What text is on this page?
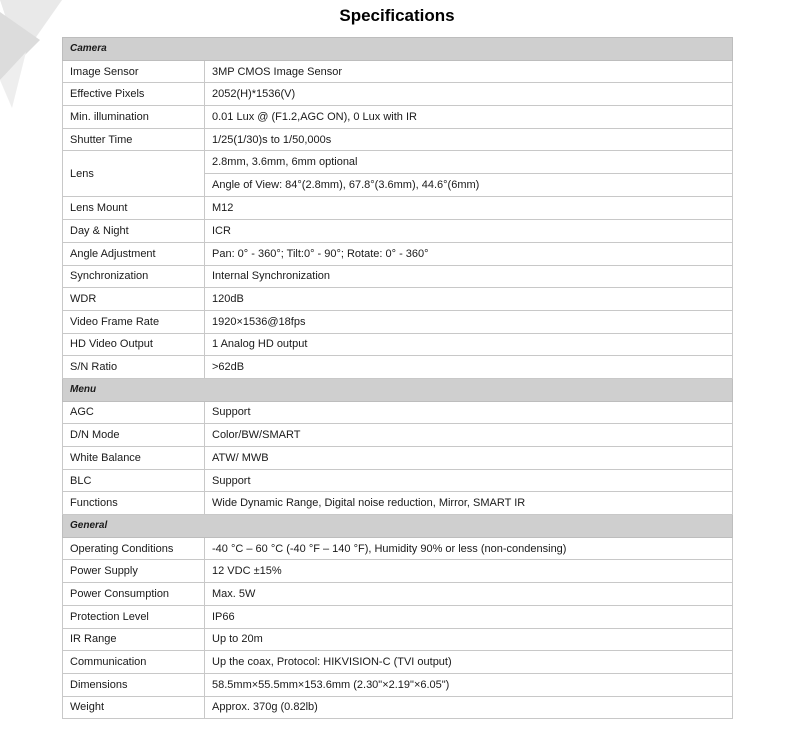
Specifications
Camera	
Image Sensor	3MP CMOS Image Sensor
Effective Pixels	2052(H)*1536(V)
Min. illumination	0.01 Lux @ (F1.2,AGC ON), 0 Lux with IR
Shutter Time	1/25(1/30)s to 1/50,000s
Lens	2.8mm, 3.6mm, 6mm optional
	Angle of View: 84°(2.8mm), 67.8°(3.6mm), 44.6°(6mm)
Lens Mount	M12
Day & Night	ICR
Angle Adjustment	Pan: 0° - 360°; Tilt:0° - 90°; Rotate: 0° - 360°
Synchronization	Internal Synchronization
WDR	120dB
Video Frame Rate	1920×1536@18fps
HD Video Output	1 Analog HD output
S/N Ratio	>62dB
Menu	
AGC	Support
D/N Mode	Color/BW/SMART
White Balance	ATW/ MWB
BLC	Support
Functions	Wide Dynamic Range, Digital noise reduction, Mirror, SMART IR
General	
Operating Conditions	-40 °C – 60 °C (-40 °F – 140 °F), Humidity 90% or less (non-condensing)
Power Supply	12 VDC ±15%
Power Consumption	Max. 5W
Protection Level	IP66
IR Range	Up to 20m
Communication	Up the coax, Protocol: HIKVISION-C (TVI output)
Dimensions	58.5mm×55.5mm×153.6mm (2.30"×2.19"×6.05")
Weight	Approx. 370g (0.82lb)
